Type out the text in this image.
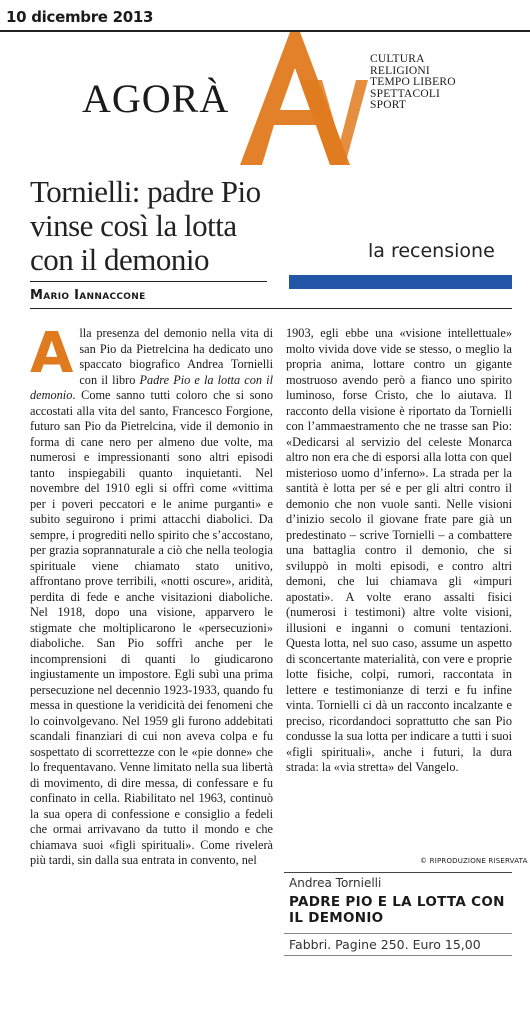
10 dicembre 2013
AGORÀ
CULTURA
RELIGIONI
TEMPO LIBERO
SPETTACOLI
SPORT
Tornielli: padre Pio
vinse così la lotta
con il demonio	la recensione
Mario Iannaccone
A lla presenza del demonio nella vita di san Pio da Pietrelcina ha dedicato uno spaccato biografico Andrea Tornielli con il libro Padre Pio e la lotta con il demonio. Come sanno tutti coloro che si sono accostati alla vita del santo, Francesco Forgione, futuro san Pio da Pietrelcina, vide il demonio in forma di cane nero per almeno due volte, ma numerosi e impressionanti sono altri episodi tanto inspiegabili quanto inquietanti. Nel novembre del 1910 egli si offrì come «vittima per i poveri peccatori e le anime purganti» e subito seguirono i primi attacchi diabolici. Da sempre, i progrediti nello spirito che s’accostano, per grazia soprannaturale a ciò che nella teologia spirituale viene chiamato stato unitivo, affrontano prove terribili, «notti oscure», aridità, perdita di fede e anche visitazioni diaboliche. Nel 1918, dopo una visione, apparvero le stigmate che moltiplicarono le «persecuzioni» diaboliche. San Pio soffrì anche per le incomprensioni di quanti lo giudicarono ingiustamente un impostore. Egli subì una prima persecuzione nel decennio 1923-1933, quando fu messa in questione la veridicità dei fenomeni che lo coinvolgevano. Nel 1959 gli furono addebitati scandali finanziari di cui non aveva colpa e fu sospettato di scorrettezze con le «pie donne» che lo frequentavano. Venne limitato nella sua libertà di movimento, di dire messa, di confessare e fu confinato in cella. Riabilitato nel 1963, continuò la sua opera di confessione e consiglio a fedeli che ormai arrivavano da tutto il mondo e che chiamava suoi «figli spirituali». Come rivelerà più tardi, sin dalla sua entrata in convento, nel

1903, egli ebbe una «visione intellettuale» molto vivida dove vide se stesso, o meglio la propria anima, lottare contro un gigante mostruoso avendo però a fianco uno spirito luminoso, forse Cristo, che lo aiutava. Il racconto della visione è riportato da Tornielli con l’ammaestramento che ne trasse san Pio: «Dedicarsi al servizio del celeste Monarca altro non era che di esporsi alla lotta con quel misterioso uomo d’inferno». La strada per la santità è lotta per sé e per gli altri contro il demonio che non vuole santi. Nelle visioni d’inizio secolo il giovane frate pare già un predestinato – scrive Tornielli – a combattere una battaglia contro il demonio, che si sviluppò in molti episodi, e contro altri demoni, che lui chiamava gli «impuri apostati». A volte erano assalti fisici (numerosi i testimoni) altre volte visioni, illusioni e inganni o comuni tentazioni. Questa lotta, nel suo caso, assume un aspetto di sconcertante materialità, con vere e proprie lotte fisiche, colpi, rumori, raccontata in lettere e testimonianze di terzi e fu infine vinta. Tornielli ci dà un racconto incalzante e preciso, ricordandoci soprattutto che san Pio condusse la sua lotta per indicare a tutti i suoi «figli spirituali», anche i futuri, la dura strada: la «via stretta» del Vangelo.

© RIPRODUZIONE RISERVATA
Andrea Tornielli
PADRE PIO E LA LOTTA CON IL DEMONIO
Fabbri. Pagine 250. Euro 15,00
